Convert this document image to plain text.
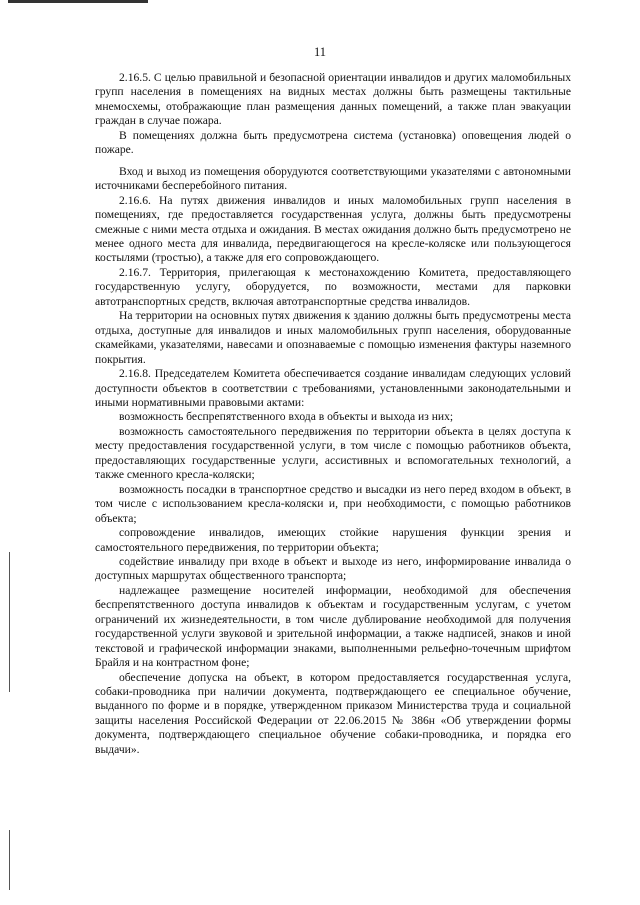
11

2.16.5. С целью правильной и безопасной ориентации инвалидов и других маломобильных групп населения в помещениях на видных местах должны быть размещены тактильные мнемосхемы, отображающие план размещения данных помещений, а также план эвакуации граждан в случае пожара.

В помещениях должна быть предусмотрена система (установка) оповещения людей о пожаре.

Вход и выход из помещения оборудуются соответствующими указателями с автономными источниками бесперебойного питания.

2.16.6. На путях движения инвалидов и иных маломобильных групп населения в помещениях, где предоставляется государственная услуга, должны быть предусмотрены смежные с ними места отдыха и ожидания. В местах ожидания должно быть предусмотрено не менее одного места для инвалида, передвигающегося на кресле-коляске или пользующегося костылями (тростью), а также для его сопровождающего.

2.16.7. Территория, прилегающая к местонахождению Комитета, предоставляющего государственную услугу, оборудуется, по возможности, местами для парковки автотранспортных средств, включая автотранспортные средства инвалидов.

На территории на основных путях движения к зданию должны быть предусмотрены места отдыха, доступные для инвалидов и иных маломобильных групп населения, оборудованные скамейками, указателями, навесами и опознаваемые с помощью изменения фактуры наземного покрытия.

2.16.8. Председателем Комитета обеспечивается создание инвалидам следующих условий доступности объектов в соответствии с требованиями, установленными законодательными и иными нормативными правовыми актами:

возможность беспрепятственного входа в объекты и выхода из них;

возможность самостоятельного передвижения по территории объекта в целях доступа к месту предоставления государственной услуги, в том числе с помощью работников объекта, предоставляющих государственные услуги, ассистивных и вспомогательных технологий, а также сменного кресла-коляски;

возможность посадки в транспортное средство и высадки из него перед входом в объект, в том числе с использованием кресла-коляски и, при необходимости, с помощью работников объекта;

сопровождение инвалидов, имеющих стойкие нарушения функции зрения и самостоятельного передвижения, по территории объекта;

содействие инвалиду при входе в объект и выходе из него, информирование инвалида о доступных маршрутах общественного транспорта;

надлежащее размещение носителей информации, необходимой для обеспечения беспрепятственного доступа инвалидов к объектам и государственным услугам, с учетом ограничений их жизнедеятельности, в том числе дублирование необходимой для получения государственной услуги звуковой и зрительной информации, а также надписей, знаков и иной текстовой и графической информации знаками, выполненными рельефно-точечным шрифтом Брайля и на контрастном фоне;

обеспечение допуска на объект, в котором предоставляется государственная услуга, собаки-проводника при наличии документа, подтверждающего ее специальное обучение, выданного по форме и в порядке, утвержденном приказом Министерства труда и социальной защиты населения Российской Федерации от 22.06.2015 № 386н «Об утверждении формы документа, подтверждающего специальное обучение собаки-проводника, и порядка его выдачи».
